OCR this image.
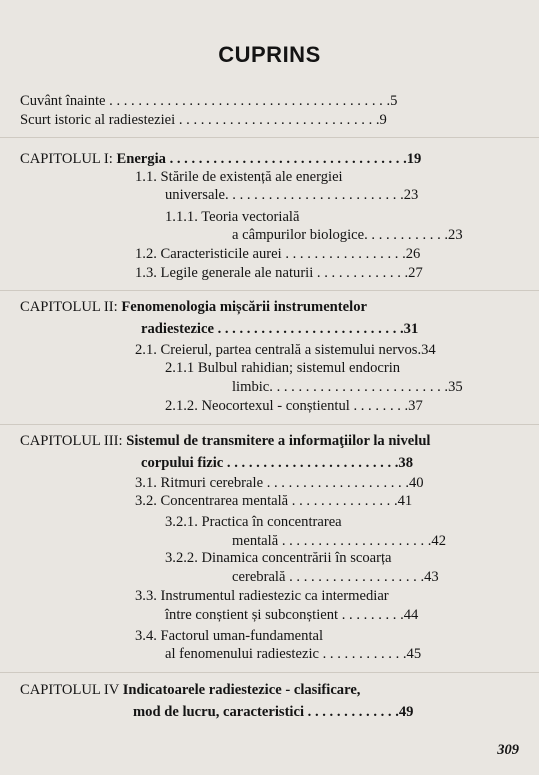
CUPRINS
Cuvânt înainte . . . . . . . . . . . . . . . . . . . . . . . . . . . . . . . . . . . . . . .5
Scurt istoric al radiesteziei . . . . . . . . . . . . . . . . . . . . . . . . . . . .9
CAPITOLUL I: Energia . . . . . . . . . . . . . . . . . . . . . . . . . . . . . . . . .19
1.1. Stările de existență ale energiei
universale. . . . . . . . . . . . . . . . . . . . . . . . .23
1.1.1. Teoria vectorială
a câmpurilor biologice. . . . . . . . . . . .23
1.2. Caracteristicile aurei . . . . . . . . . . . . . . . . .26
1.3. Legile generale ale naturii . . . . . . . . . . . . .27
CAPITOLUL II: Fenomenologia mișcării instrumentelor
radiestezice . . . . . . . . . . . . . . . . . . . . . . . . . .31
2.1. Creierul, partea centrală a sistemului nervos.34
2.1.1 Bulbul rahidian; sistemul endocrin
limbic. . . . . . . . . . . . . . . . . . . . . . . . .35
2.1.2. Neocortexul - conștientul . . . . . . . .37
CAPITOLUL III: Sistemul de transmitere a informaţiilor la nivelul
corpului fizic . . . . . . . . . . . . . . . . . . . . . . . .38
3.1. Ritmuri cerebrale . . . . . . . . . . . . . . . . . . . .40
3.2. Concentrarea mentală . . . . . . . . . . . . . . .41
3.2.1. Practica în concentrarea
mentală . . . . . . . . . . . . . . . . . . . . .42
3.2.2. Dinamica concentrării în scoarța
cerebrală . . . . . . . . . . . . . . . . . . .43
3.3. Instrumentul radiestezic ca intermediar
între conștient și subconștient . . . . . . . . .44
3.4. Factorul uman-fundamental
al fenomenului radiestezic . . . . . . . . . . . .45
CAPITOLUL IV Indicatoarele radiestezice - clasificare,
mod de lucru, caracteristici . . . . . . . . . . . . .49
309
